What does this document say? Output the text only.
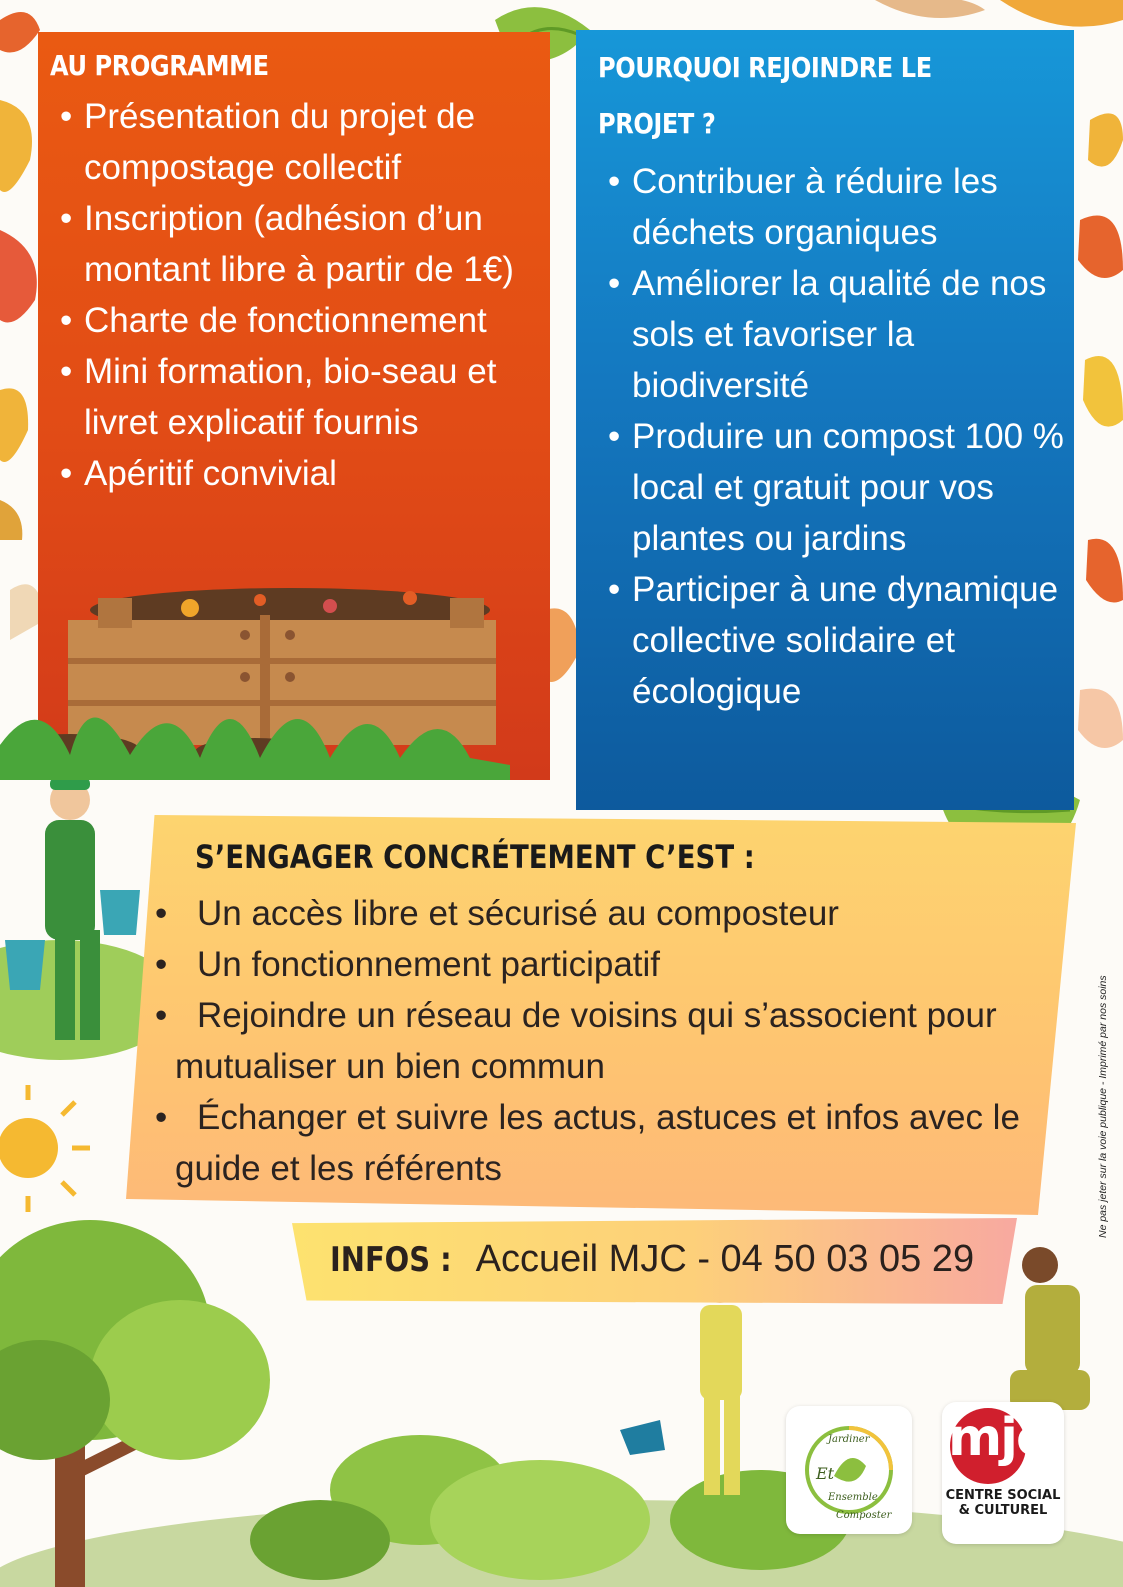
AU PROGRAMME
• Présentation du projet de compostage collectif
• Inscription (adhésion d’un montant libre à partir de 1€)
• Charte de fonctionnement
• Mini formation, bio-seau et livret explicatif fournis
• Apéritif convivial
POURQUOI REJOINDRE LE PROJET ?
• Contribuer à réduire les déchets organiques
• Améliorer la qualité de nos sols et favoriser la biodiversité
• Produire un compost 100 % local et gratuit pour vos plantes ou jardins
• Participer à une dynamique collective solidaire et écologique
S’ENGAGER CONCRÉTEMENT C’EST :
• Un accès libre et sécurisé au composteur
• Un fonctionnement participatif
• Rejoindre un réseau de voisins qui s’associent pour mutualiser un bien commun
• Échanger et suivre les actus, astuces et infos avec le guide et les référents
INFOS : Accueil MJC - 04 50 03 05 29
Ne pas jeter sur la voie publique - Imprimé par nos soins
Jardiner
Et
Ensemble
Composter
mjc
CENTRE SOCIAL
& CULTUREL
